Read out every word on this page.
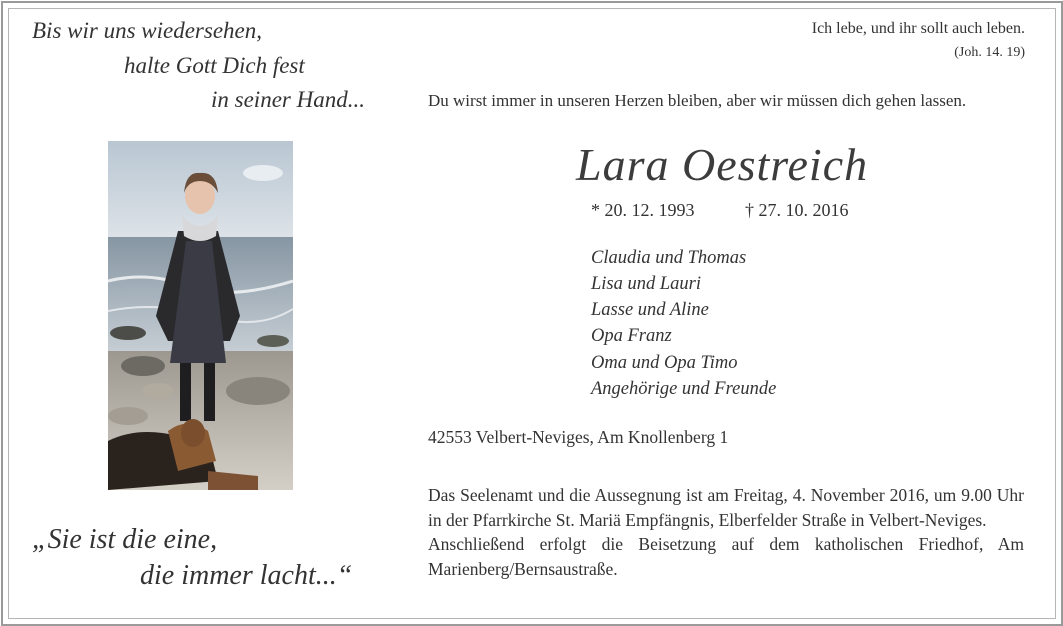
Bis wir uns wiedersehen,
halte Gott Dich fest
in seiner Hand...
Ich lebe, und ihr sollt auch leben.
(Joh. 14. 19)
Du wirst immer in unseren Herzen bleiben, aber wir müssen dich gehen lassen.
Lara Oestreich
* 20. 12. 1993	† 27. 10. 2016
Claudia und Thomas
Lisa und Lauri
Lasse und Aline
Opa Franz
Oma und Opa Timo
Angehörige und Freunde
42553 Velbert-Neviges, Am Knollenberg 1

Das Seelenamt und die Aussegnung ist am Freitag, 4. November 2016, um 9.00 Uhr in der Pfarrkirche St. Mariä Empfängnis, Elberfelder Straße in Velbert-Neviges.

Anschließend erfolgt die Beisetzung auf dem katholischen Friedhof, Am Marienberg/Bernsaustraße.

„Sie ist die eine,
die immer lacht...“
